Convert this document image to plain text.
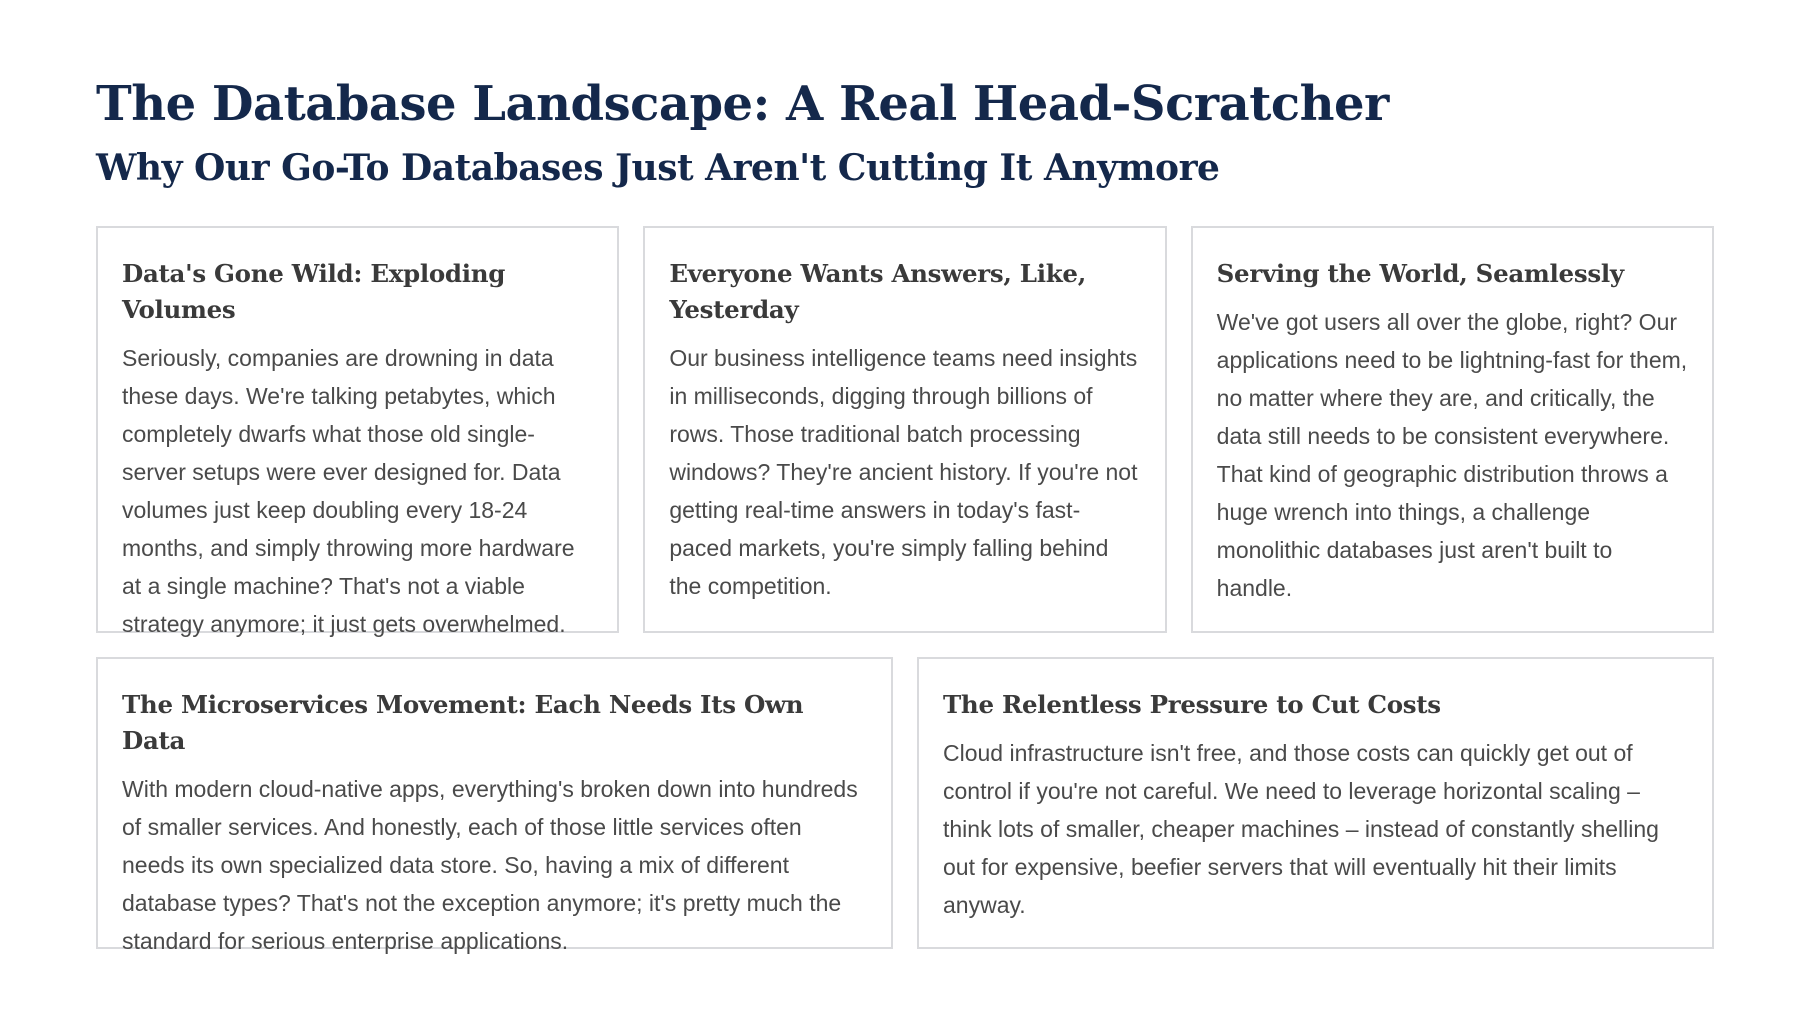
The Database Landscape: A Real Head-Scratcher
Why Our Go-To Databases Just Aren't Cutting It Anymore
Data's Gone Wild: Exploding Volumes

Seriously, companies are drowning in data these days. We're talking petabytes, which completely dwarfs what those old single-server setups were ever designed for. Data volumes just keep doubling every 18-24 months, and simply throwing more hardware at a single machine? That's not a viable strategy anymore; it just gets overwhelmed.

Everyone Wants Answers, Like, Yesterday

Our business intelligence teams need insights in milliseconds, digging through billions of rows. Those traditional batch processing windows? They're ancient history. If you're not getting real-time answers in today's fast-paced markets, you're simply falling behind the competition.

Serving the World, Seamlessly

We've got users all over the globe, right? Our applications need to be lightning-fast for them, no matter where they are, and critically, the data still needs to be consistent everywhere. That kind of geographic distribution throws a huge wrench into things, a challenge monolithic databases just aren't built to handle.

The Microservices Movement: Each Needs Its Own Data

With modern cloud-native apps, everything's broken down into hundreds of smaller services. And honestly, each of those little services often needs its own specialized data store. So, having a mix of different database types? That's not the exception anymore; it's pretty much the standard for serious enterprise applications.

The Relentless Pressure to Cut Costs

Cloud infrastructure isn't free, and those costs can quickly get out of control if you're not careful. We need to leverage horizontal scaling – think lots of smaller, cheaper machines – instead of constantly shelling out for expensive, beefier servers that will eventually hit their limits anyway.
